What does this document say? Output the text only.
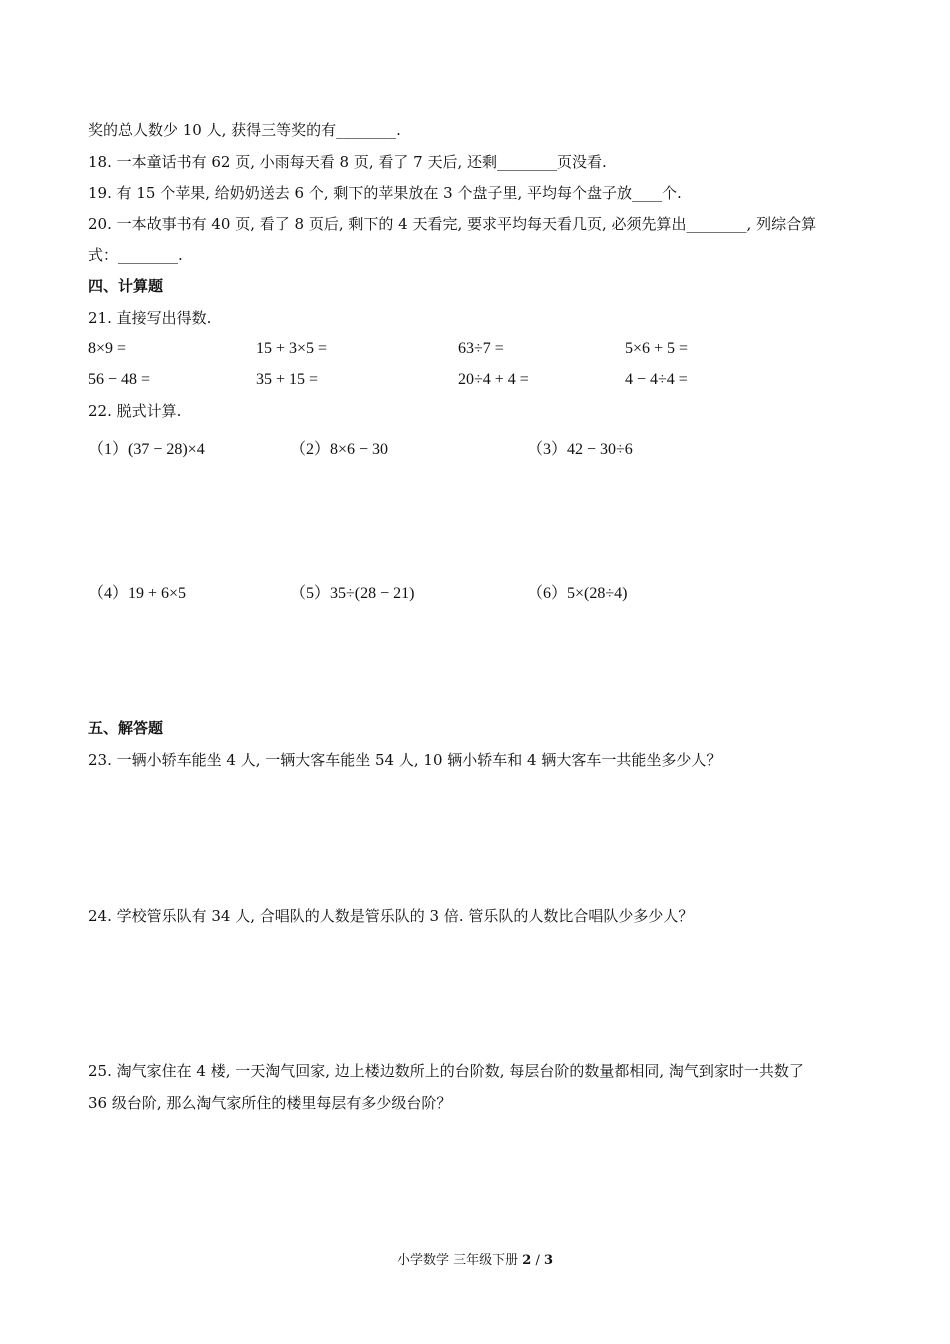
奖的总人数少 10 人, 获得三等奖的有________.
18. 一本童话书有 62 页, 小雨每天看 8 页, 看了 7 天后, 还剩________页没看.
19. 有 15 个苹果, 给奶奶送去 6 个, 剩下的苹果放在 3 个盘子里, 平均每个盘子放____个.
20. 一本故事书有 40 页, 看了 8 页后, 剩下的 4 天看完, 要求平均每天看几页, 必须先算出________, 列综合算
式：________.
四、计算题
21. 直接写出得数.
8×9 =	15 + 3×5 =	63÷7 =	5×6 + 5 =
56 − 48 =	35 + 15 =	20÷4 + 4 =	4 − 4÷4 =
22. 脱式计算.
（1）(37 − 28)×4	（2）8×6 − 30	（3）42 − 30÷6
（4）19 + 6×5	（5）35÷(28 − 21)	（6）5×(28÷4)
五、解答题
23. 一辆小轿车能坐 4 人, 一辆大客车能坐 54 人, 10 辆小轿车和 4 辆大客车一共能坐多少人？
24. 学校管乐队有 34 人, 合唱队的人数是管乐队的 3 倍. 管乐队的人数比合唱队少多少人？
25. 淘气家住在 4 楼, 一天淘气回家, 边上楼边数所上的台阶数, 每层台阶的数量都相同, 淘气到家时一共数了
36 级台阶, 那么淘气家所住的楼里每层有多少级台阶？
小学数学 三年级下册 2 / 3
